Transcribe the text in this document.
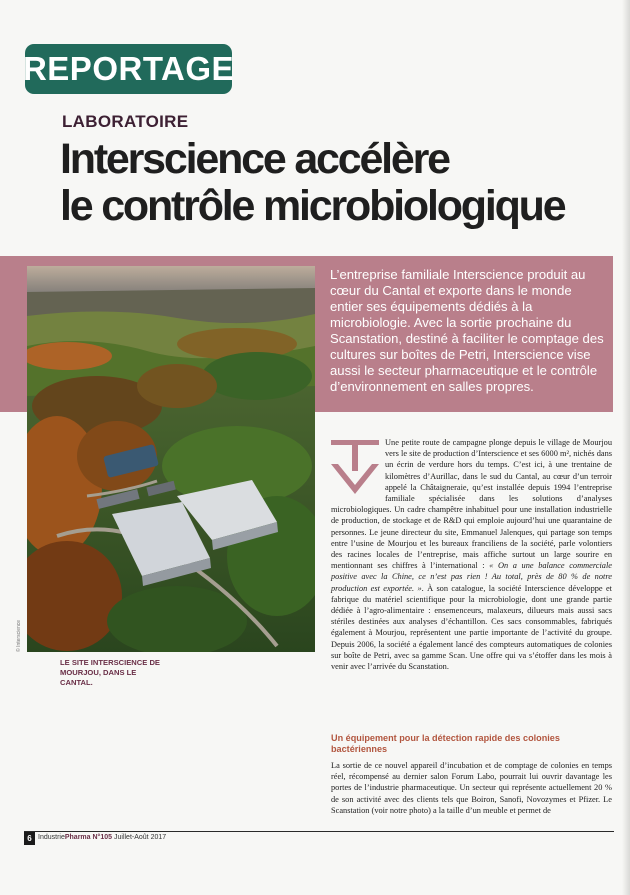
REPORTAGE
LABORATOIRE
Interscience accélère
le contrôle microbiologique

L’entreprise familiale Interscience produit au cœur du Cantal et exporte dans le monde entier ses équipements dédiés à la microbiologie. Avec la sortie prochaine du Scanstation, destiné à faciliter le comptage des cultures sur boîtes de Petri, Interscience vise aussi le secteur pharmaceutique et le contrôle d’environnement en salles propres.

© Interscience

LE SITE INTERSCIENCE DE MOURJOU, DANS LE CANTAL.

Une petite route de campagne plonge depuis le village de Mourjou vers le site de production d’Interscience et ses 6000 m², nichés dans un écrin de verdure hors du temps. C’est ici, à une trentaine de kilomètres d’Aurillac, dans le sud du Cantal, au cœur d’un terroir appelé la Châtaigneraie, qu’est installée depuis 1994 l’entreprise familiale spécialisée dans les solutions d’analyses microbiologiques. Un cadre champêtre inhabituel pour une installation industrielle de production, de stockage et de R&D qui emploie aujourd’hui une quarantaine de personnes. Le jeune directeur du site, Emmanuel Jalenques, qui partage son temps entre l’usine de Mourjou et les bureaux franciliens de la société, parle volontiers des racines locales de l’entreprise, mais affiche surtout un large sourire en mentionnant ses chiffres à l’international : « On a une balance commerciale positive avec la Chine, ce n’est pas rien ! Au total, près de 80 % de notre production est exportée. ». À son catalogue, la société Interscience développe et fabrique du matériel scientifique pour la microbiologie, dont une grande partie dédiée à l’agro-alimentaire : ensemenceurs, malaxeurs, dilueurs mais aussi sacs stériles destinées aux analyses d’échantillon. Ces sacs consommables, fabriqués également à Mourjou, représentent une partie importante de l’activité du groupe. Depuis 2006, la société a également lancé des compteurs automatiques de colonies sur boîte de Petri, avec sa gamme Scan. Une offre qui va s’étoffer dans les mois à venir avec l’arrivée du Scanstation.

Un équipement pour la détection rapide des colonies bactériennes

La sortie de ce nouvel appareil d’incubation et de comptage de colonies en temps réel, récompensé au dernier salon Forum Labo, pourrait lui ouvrir davantage les portes de l’industrie pharmaceutique. Un secteur qui représente actuellement 20 % de son activité avec des clients tels que Boiron, Sanofi, Novozymes et Pfizer. Le Scanstation (voir notre photo) a la taille d’un meuble et permet de

6 IndustriePharma N°105 Juillet-Août 2017
